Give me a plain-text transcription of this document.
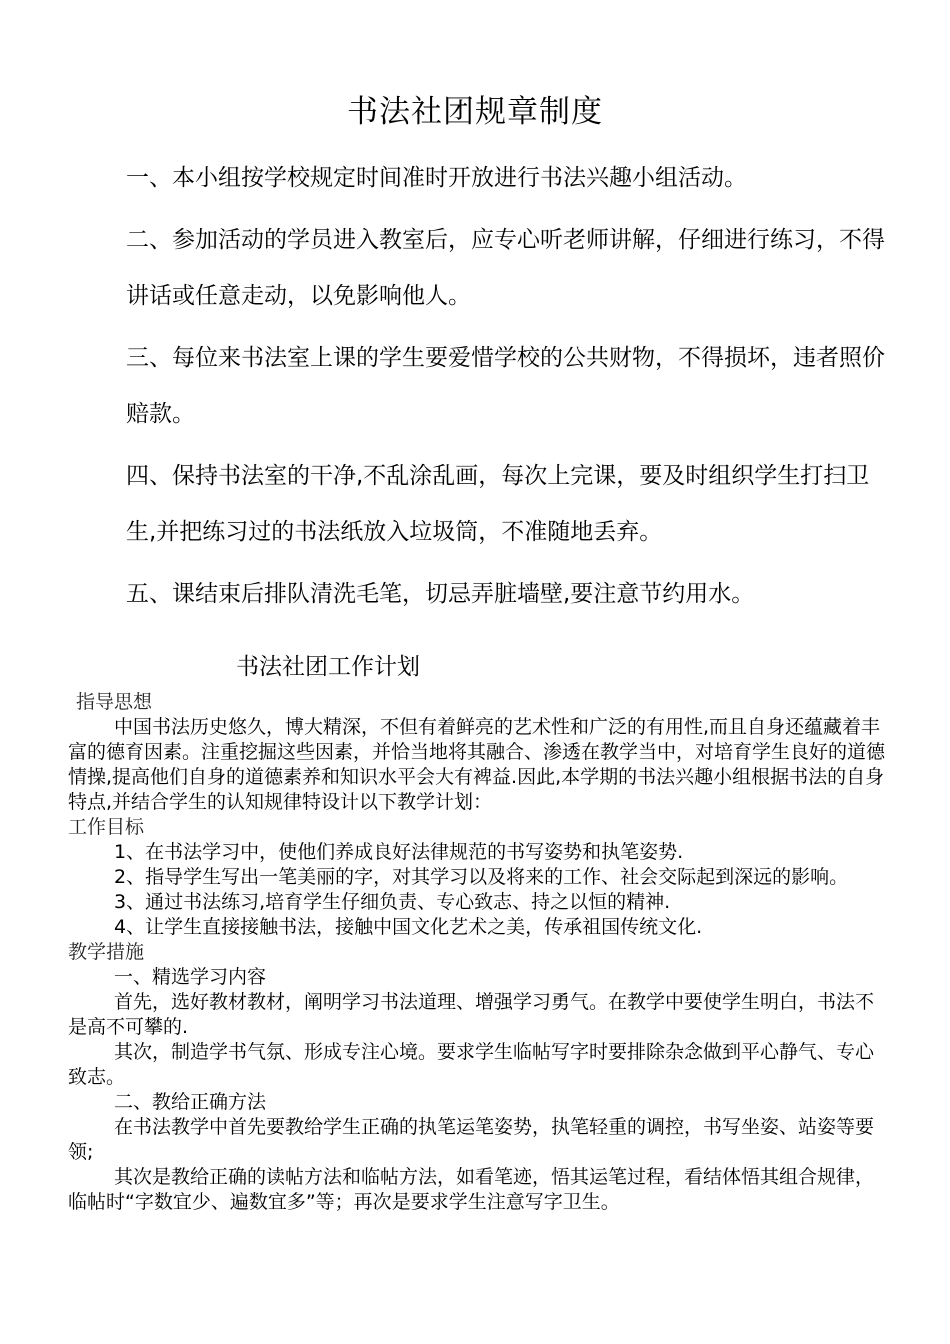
书法社团规章制度

一、本小组按学校规定时间准时开放进行书法兴趣小组活动。

二、参加活动的学员进入教室后，应专心听老师讲解，仔细进行练习，不得讲话或任意走动，以免影响他人。

三、每位来书法室上课的学生要爱惜学校的公共财物，不得损坏，违者照价赔款。

四、保持书法室的干净,不乱涂乱画，每次上完课，要及时组织学生打扫卫生,并把练习过的书法纸放入垃圾筒，不准随地丢弃。

五、课结束后排队清洗毛笔，切忌弄脏墙壁,要注意节约用水。

书法社团工作计划
指导思想

中国书法历史悠久，博大精深，不但有着鲜亮的艺术性和广泛的有用性,而且自身还蕴藏着丰富的德育因素。注重挖掘这些因素，并恰当地将其融合、渗透在教学当中，对培育学生良好的道德情操,提高他们自身的道德素养和知识水平会大有裨益.因此,本学期的书法兴趣小组根据书法的自身特点,并结合学生的认知规律特设计以下教学计划：

工作目标

1、在书法学习中，使他们养成良好法律规范的书写姿势和执笔姿势.

2、指导学生写出一笔美丽的字，对其学习以及将来的工作、社会交际起到深远的影响。

3、通过书法练习,培育学生仔细负责、专心致志、持之以恒的精神.

4、让学生直接接触书法，接触中国文化艺术之美，传承祖国传统文化.

教学措施

一、精选学习内容

首先，选好教材教材，阐明学习书法道理、增强学习勇气。在教学中要使学生明白，书法不是高不可攀的.

其次，制造学书气氛、形成专注心境。要求学生临帖写字时要排除杂念做到平心静气、专心致志。

二、教给正确方法

在书法教学中首先要教给学生正确的执笔运笔姿势，执笔轻重的调控，书写坐姿、站姿等要领;

其次是教给正确的读帖方法和临帖方法，如看笔迹，悟其运笔过程，看结体悟其组合规律，临帖时“字数宜少、遍数宜多”等；再次是要求学生注意写字卫生。
